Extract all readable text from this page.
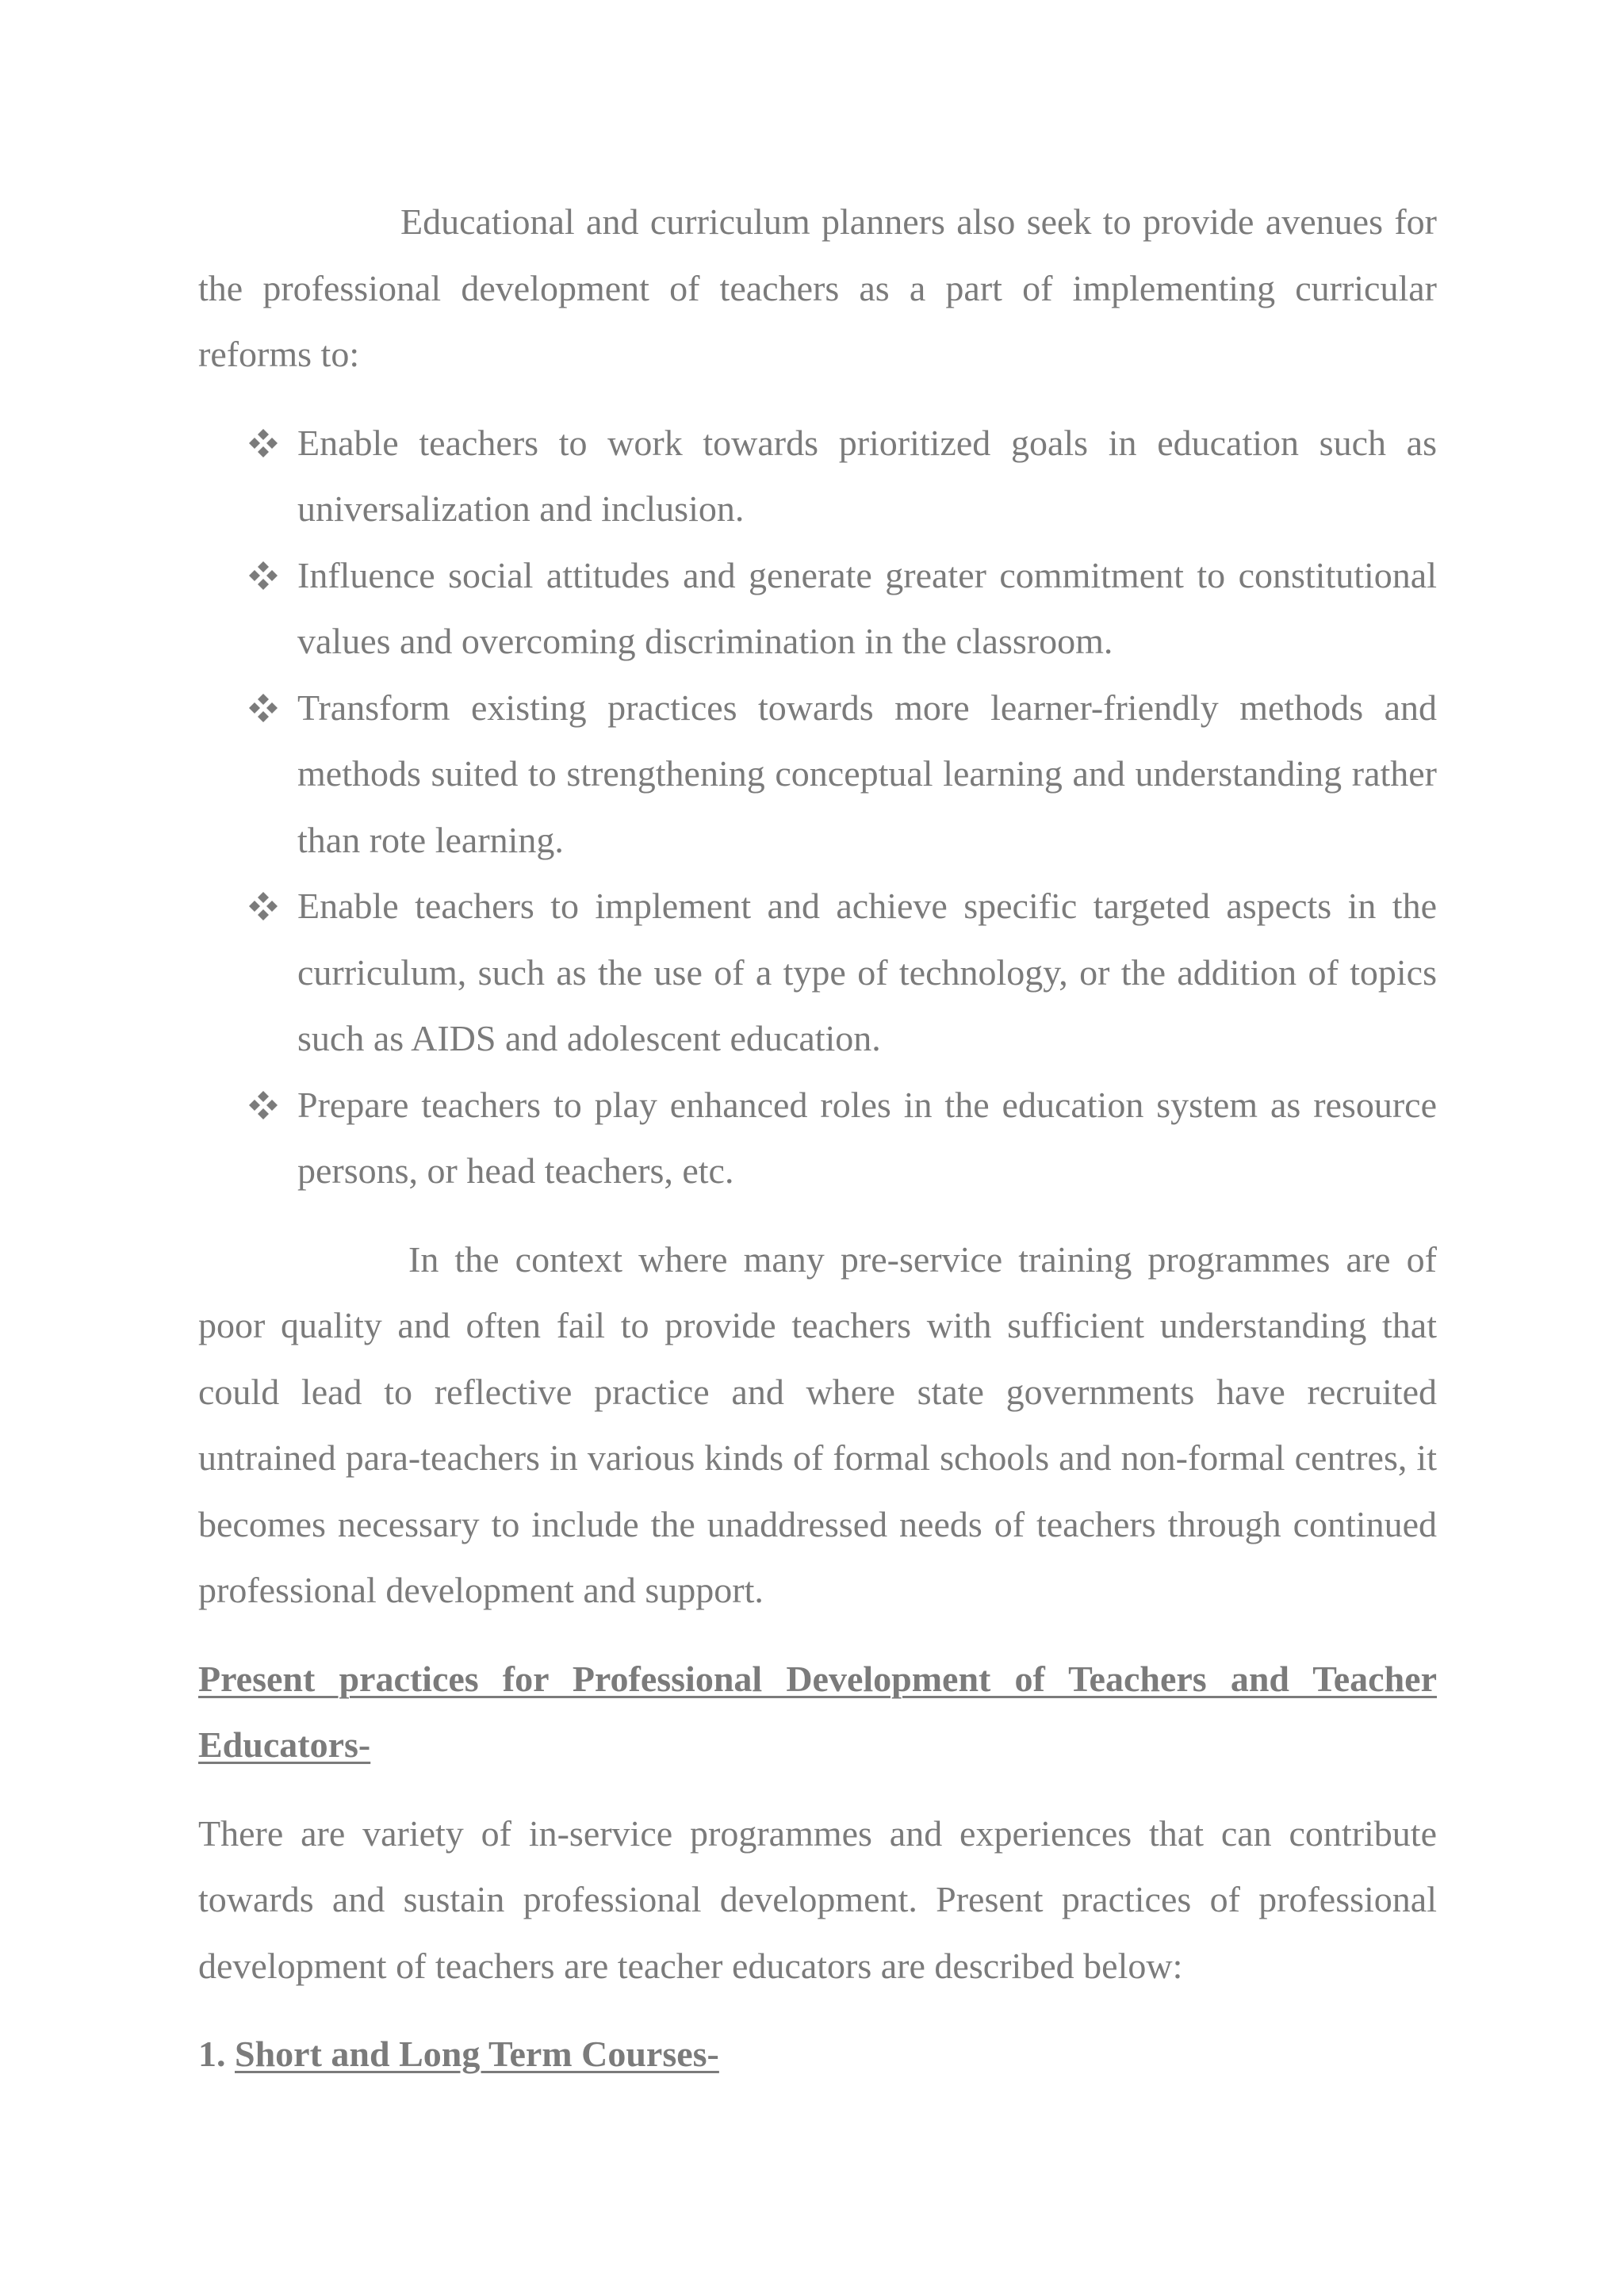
Educational and curriculum planners also seek to provide avenues for the professional development of teachers as a part of implementing curricular reforms to:

Enable teachers to work towards prioritized goals in education such as universalization and inclusion.
Influence social attitudes and generate greater commitment to constitutional values and overcoming discrimination in the classroom.
Transform existing practices towards more learner-friendly methods and methods suited to strengthening conceptual learning and understanding rather than rote learning.
Enable teachers to implement and achieve specific targeted aspects in the curriculum, such as the use of a type of technology, or the addition of topics such as AIDS and adolescent education.
Prepare teachers to play enhanced roles in the education system as resource persons, or head teachers, etc.

In the context where many pre-service training programmes are of poor quality and often fail to provide teachers with sufficient understanding that could lead to reflective practice and where state governments have recruited untrained para-teachers in various kinds of formal schools and non-formal centres, it becomes necessary to include the unaddressed needs of teachers through continued professional development and support.

Present practices for Professional Development of Teachers and Teacher Educators-

There are variety of in-service programmes and experiences that can contribute towards and sustain professional development. Present practices of professional development of teachers are teacher educators are described below:

1. Short and Long Term Courses-
